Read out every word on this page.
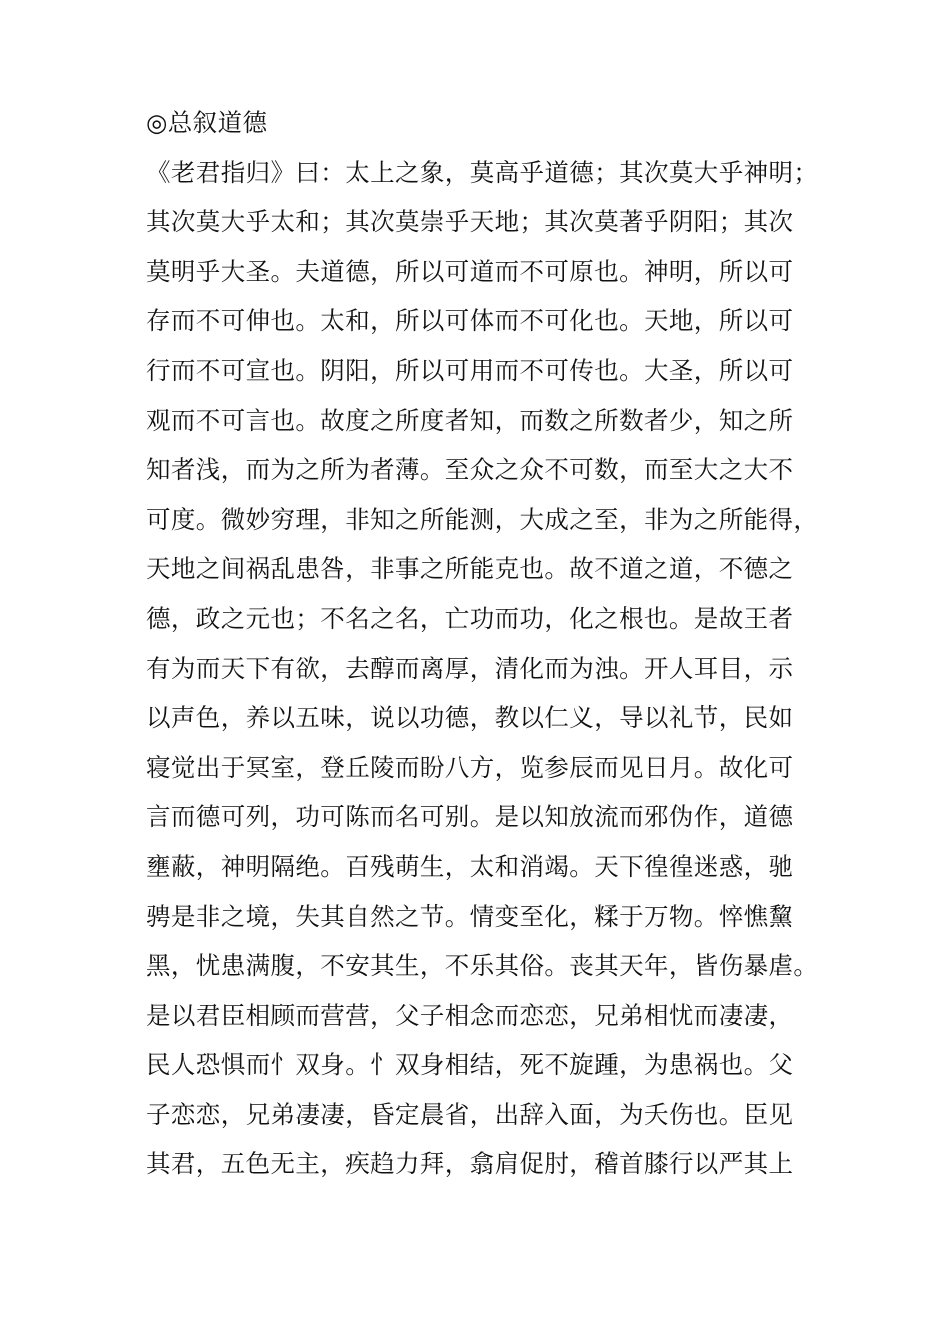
◎总叙道德
《老君指归》曰：太上之象，莫高乎道德；其次莫大乎神明；
其次莫大乎太和；其次莫崇乎天地；其次莫著乎阴阳；其次
莫明乎大圣。夫道德，所以可道而不可原也。神明，所以可
存而不可伸也。太和，所以可体而不可化也。天地，所以可
行而不可宣也。阴阳，所以可用而不可传也。大圣，所以可
观而不可言也。故度之所度者知，而数之所数者少，知之所
知者浅，而为之所为者薄。至众之众不可数，而至大之大不
可度。微妙穷理，非知之所能测，大成之至，非为之所能得，
天地之间祸乱患咎，非事之所能克也。故不道之道，不德之
德，政之元也；不名之名，亡功而功，化之根也。是故王者
有为而天下有欲，去醇而离厚，清化而为浊。开人耳目，示
以声色，养以五味，说以功德，教以仁义，导以礼节，民如
寝觉出于冥室，登丘陵而盼八方，览参辰而见日月。故化可
言而德可列，功可陈而名可别。是以知放流而邪伪作，道德
壅蔽，神明隔绝。百残萌生，太和消竭。天下徨徨迷惑，驰
骋是非之境，失其自然之节。情变至化，糅于万物。悴憔黧
黑，忧患满腹，不安其生，不乐其俗。丧其天年，皆伤暴虐。
是以君臣相顾而营营，父子相念而恋恋，兄弟相忧而凄凄，
民人恐惧而忄双身。忄双身相结，死不旋踵，为患祸也。父
子恋恋，兄弟凄凄，昏定晨省，出辞入面，为夭伤也。臣见
其君，五色无主，疾趋力拜，翕肩促肘，稽首膝行以严其上
